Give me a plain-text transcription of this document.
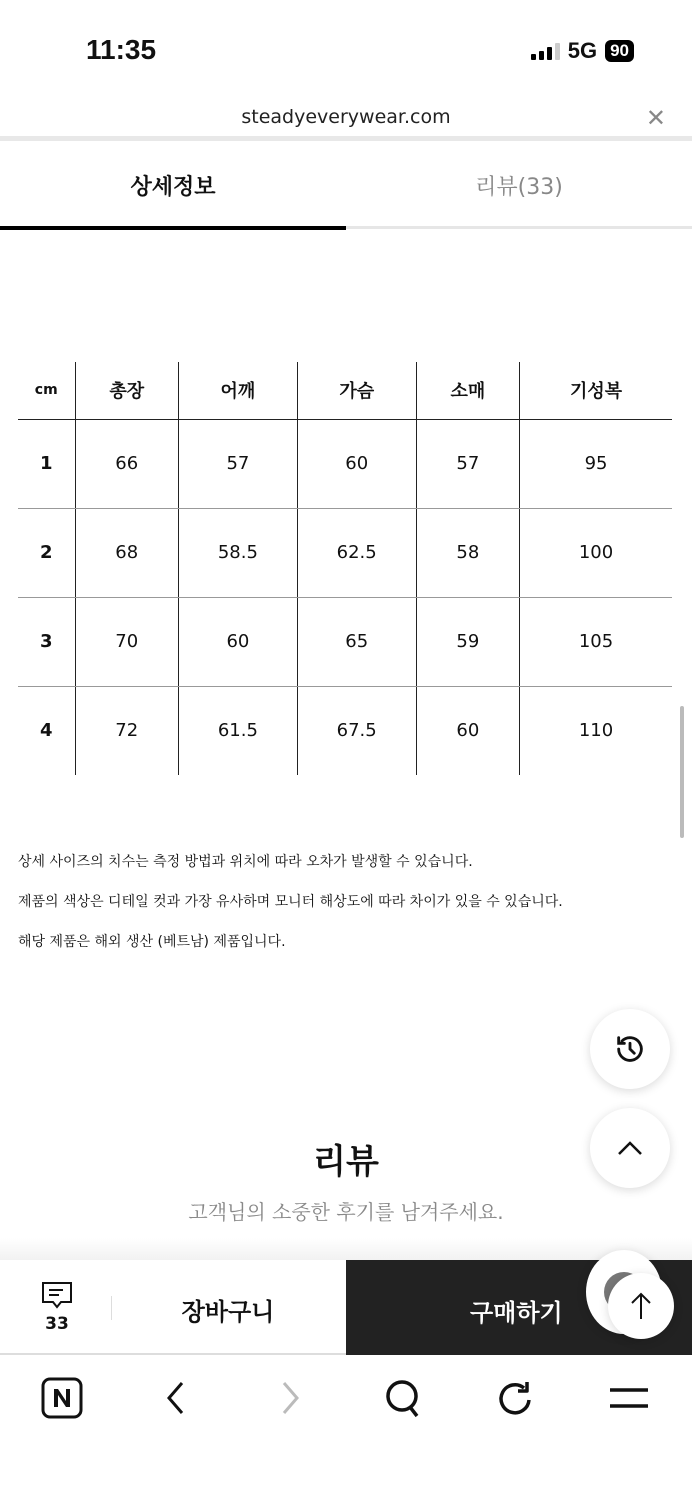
11:35	5G 90
steadyeverywear.com	✕
상세정보	리뷰(33)
cm	총장	어깨	가슴	소매	기성복
1	66	57	60	57	95
2	68	58.5	62.5	58	100
3	70	60	65	59	105
4	72	61.5	67.5	60	110
상세 사이즈의 치수는 측정 방법과 위치에 따라 오차가 발생할 수 있습니다.
제품의 색상은 디테일 컷과 가장 유사하며 모니터 해상도에 따라 차이가 있을 수 있습니다.
해당 제품은 해외 생산 (베트남) 제품입니다.
리뷰
고객님의 소중한 후기를 남겨주세요.
33	장바구니	구매하기
